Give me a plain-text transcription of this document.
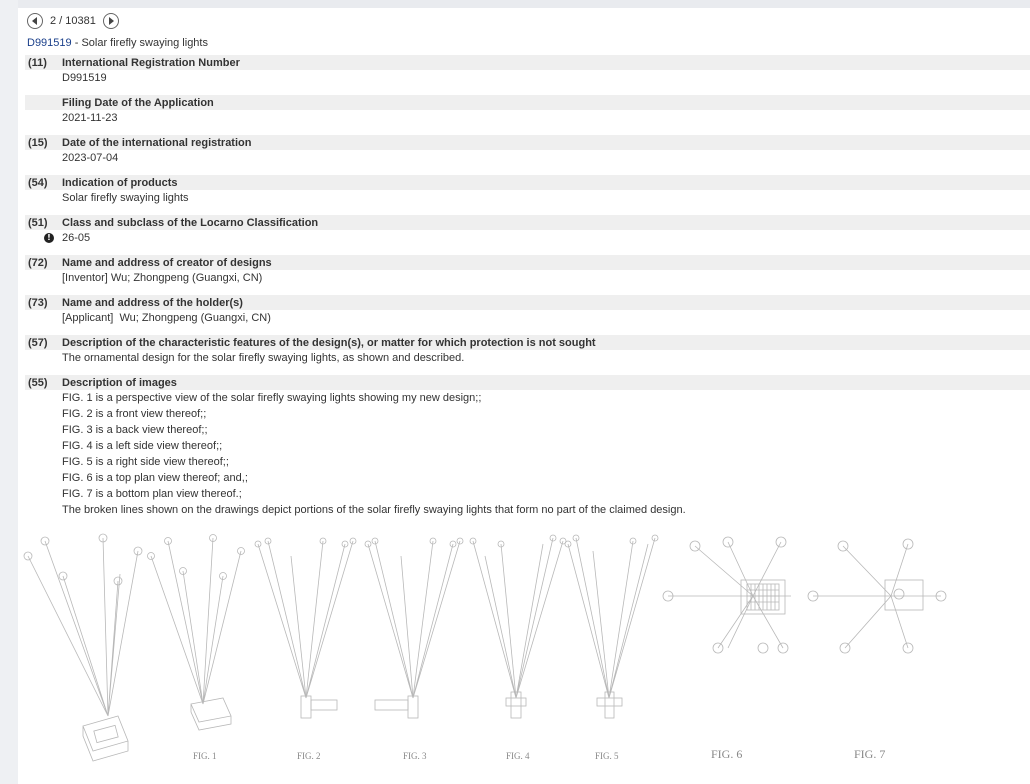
2 / 10381
D991519 - Solar firefly swaying lights
(11)	International Registration Number
D991519
Filing Date of the Application
2021-11-23
(15)	Date of the international registration
2023-07-04
(54)	Indication of products
Solar firefly swaying lights
(51)	Class and subclass of the Locarno Classification
! 26-05
(72)	Name and address of creator of designs
[Inventor] Wu; Zhongpeng (Guangxi, CN)
(73)	Name and address of the holder(s)
[Applicant]  Wu; Zhongpeng (Guangxi, CN)
(57)	Description of the characteristic features of the design(s), or matter for which protection is not sought
The ornamental design for the solar firefly swaying lights, as shown and described.
(55)	Description of images
FIG. 1 is a perspective view of the solar firefly swaying lights showing my new design;;
FIG. 2 is a front view thereof;;
FIG. 3 is a back view thereof;;
FIG. 4 is a left side view thereof;;
FIG. 5 is a right side view thereof;;
FIG. 6 is a top plan view thereof; and,;
FIG. 7 is a bottom plan view thereof.;
The broken lines shown on the drawings depict portions of the solar firefly swaying lights that form no part of the claimed design.
FIG. 1	FIG. 2	FIG. 3	FIG. 4	FIG. 5	FIG. 6	FIG. 7
